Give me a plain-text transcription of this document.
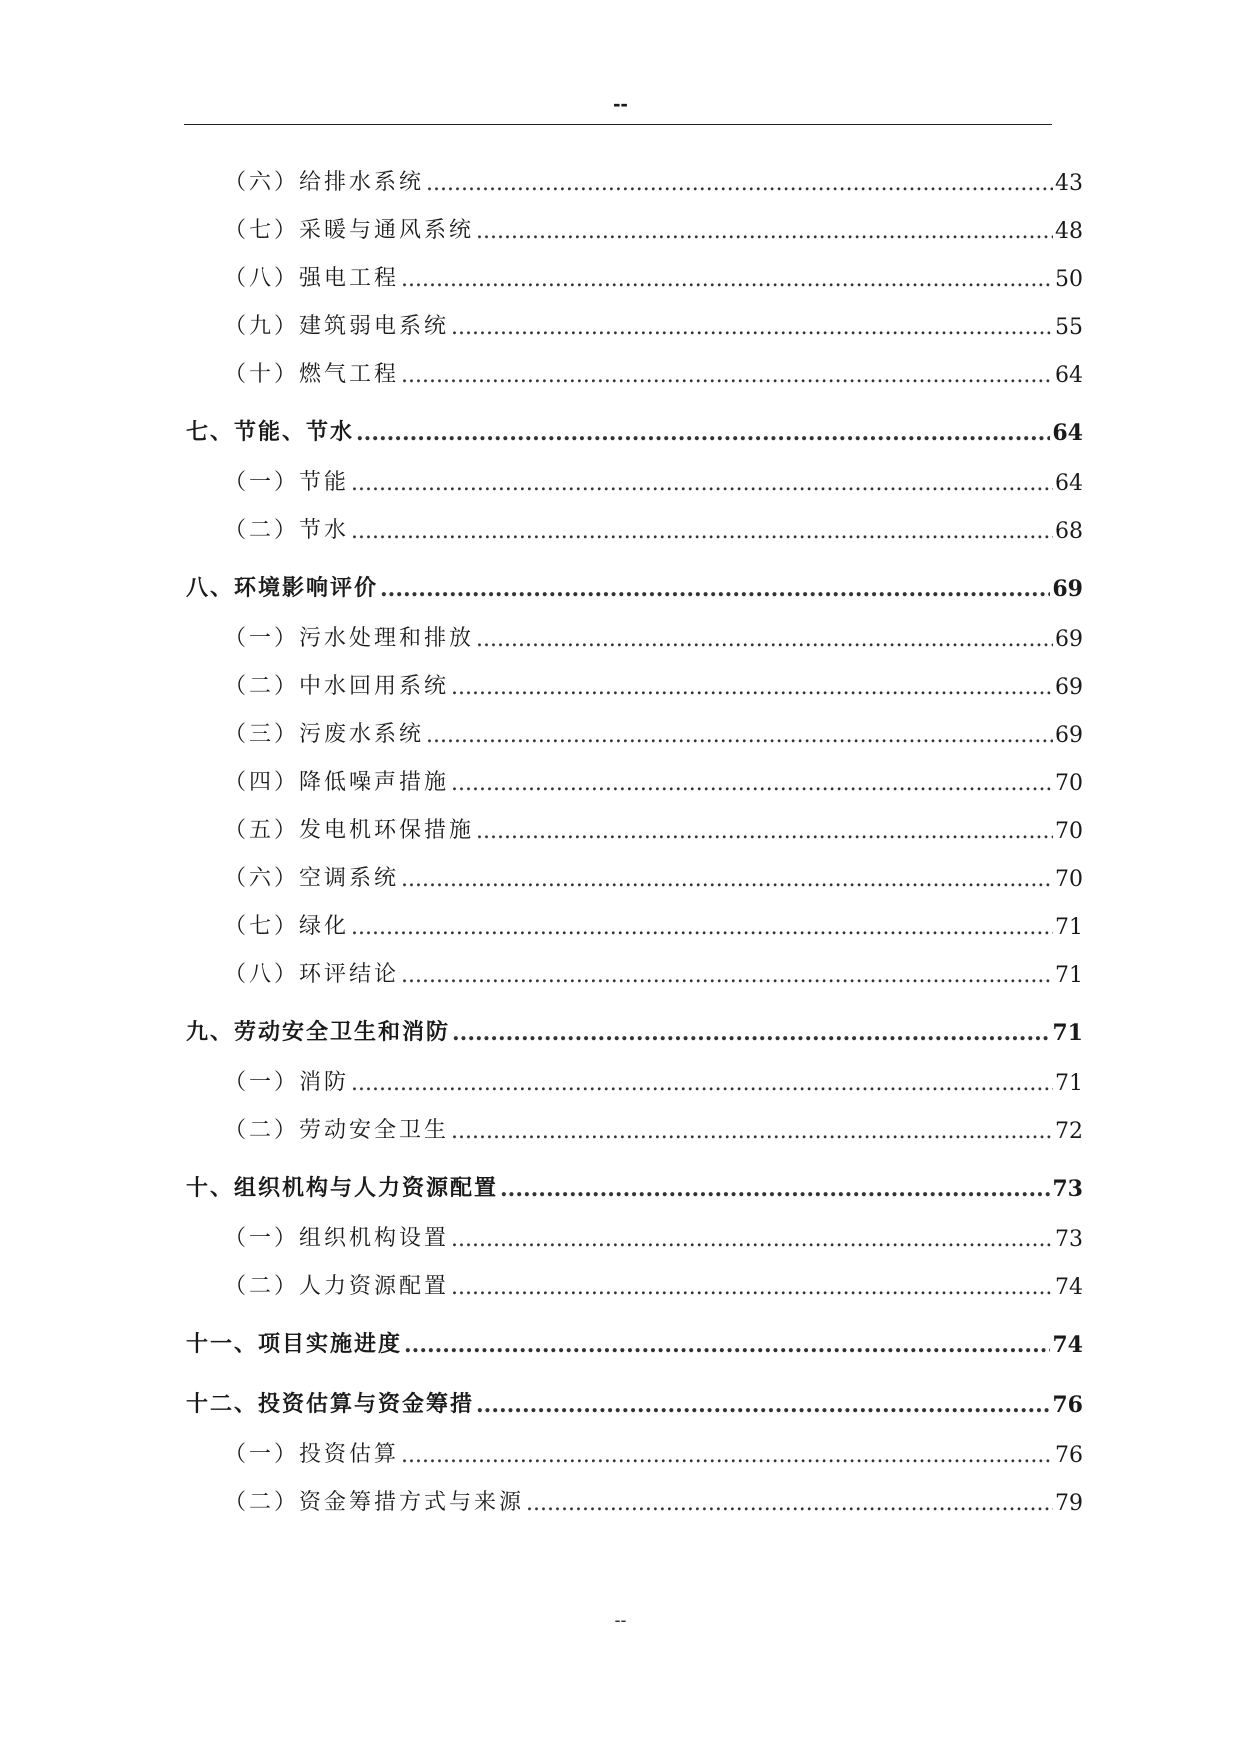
--
（六）给排水系统 .....	43
（七）采暖与通风系统 .....	48
（八）强电工程 .....	50
（九）建筑弱电系统 .....	55
（十）燃气工程 .....	64
七、节能、节水 .....	64
（一）节能 .....	64
（二）节水 .....	68
八、环境影响评价 .....	69
（一）污水处理和排放 .....	69
（二）中水回用系统 .....	69
（三）污废水系统 .....	69
（四）降低噪声措施 .....	70
（五）发电机环保措施 .....	70
（六）空调系统 .....	70
（七）绿化 .....	71
（八）环评结论 .....	71
九、劳动安全卫生和消防 .....	71
（一）消防 .....	71
（二）劳动安全卫生 .....	72
十、组织机构与人力资源配置 .....	73
（一）组织机构设置 .....	73
（二）人力资源配置 .....	74
十一、项目实施进度 .....	74
十二、投资估算与资金筹措 .....	76
（一）投资估算 .....	76
（二）资金筹措方式与来源 .....	79
--
